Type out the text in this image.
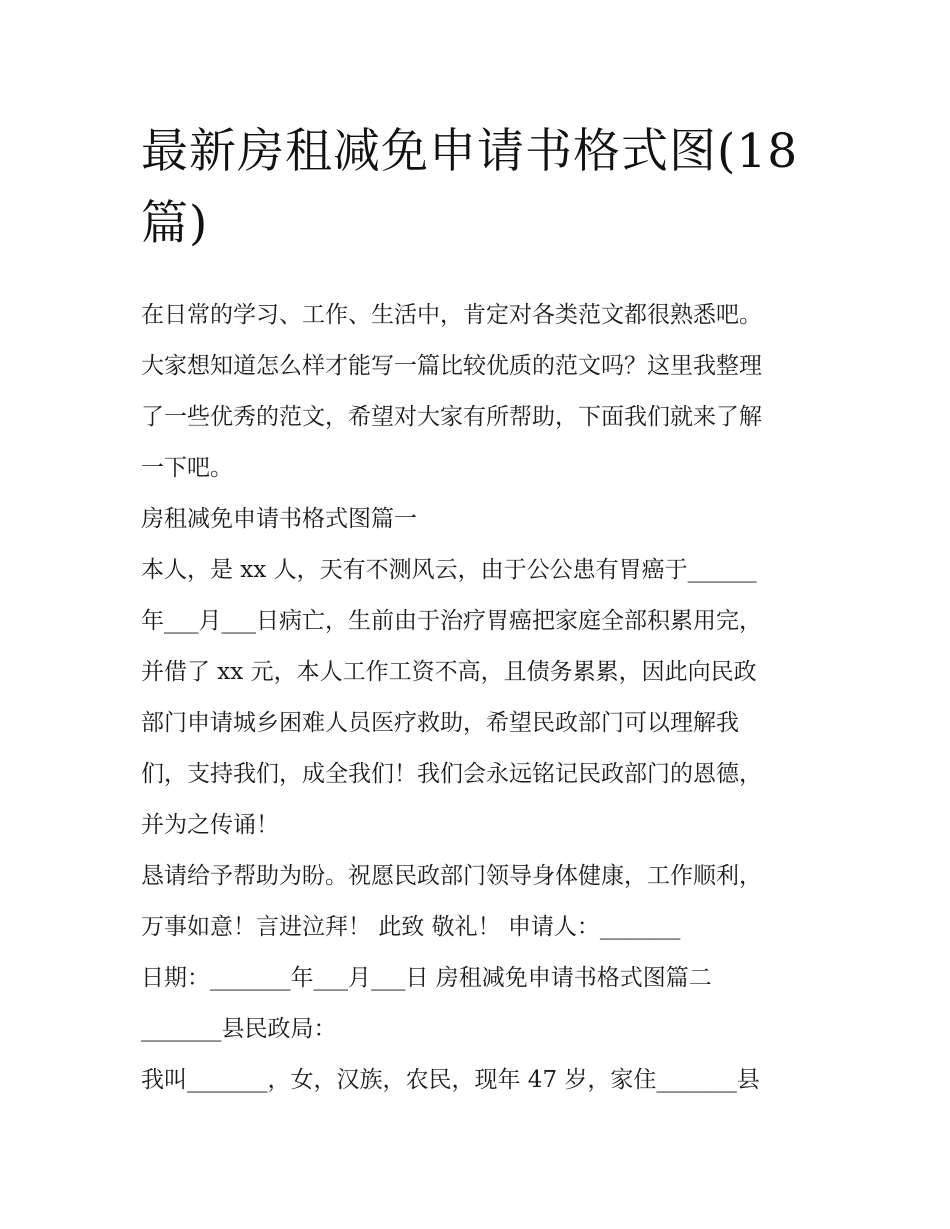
最新房租减免申请书格式图(18
篇)
在日常的学习、工作、生活中，肯定对各类范文都很熟悉吧。
大家想知道怎么样才能写一篇比较优质的范文吗？这里我整理
了一些优秀的范文，希望对大家有所帮助，下面我们就来了解
一下吧。
房租减免申请书格式图篇一
本人，是 xx 人，天有不测风云，由于公公患有胃癌于______
年___月___日病亡，生前由于治疗胃癌把家庭全部积累用完，
并借了 xx 元，本人工作工资不高，且债务累累，因此向民政
部门申请城乡困难人员医疗救助，希望民政部门可以理解我
们，支持我们，成全我们！我们会永远铭记民政部门的恩德，
并为之传诵！
恳请给予帮助为盼。祝愿民政部门领导身体健康，工作顺利，
万事如意！言进泣拜！ 此致 敬礼！ 申请人：_______
日期：_______年___月___日 房租减免申请书格式图篇二
_______县民政局：
我叫_______，女，汉族，农民，现年 47 岁，家住_______县
